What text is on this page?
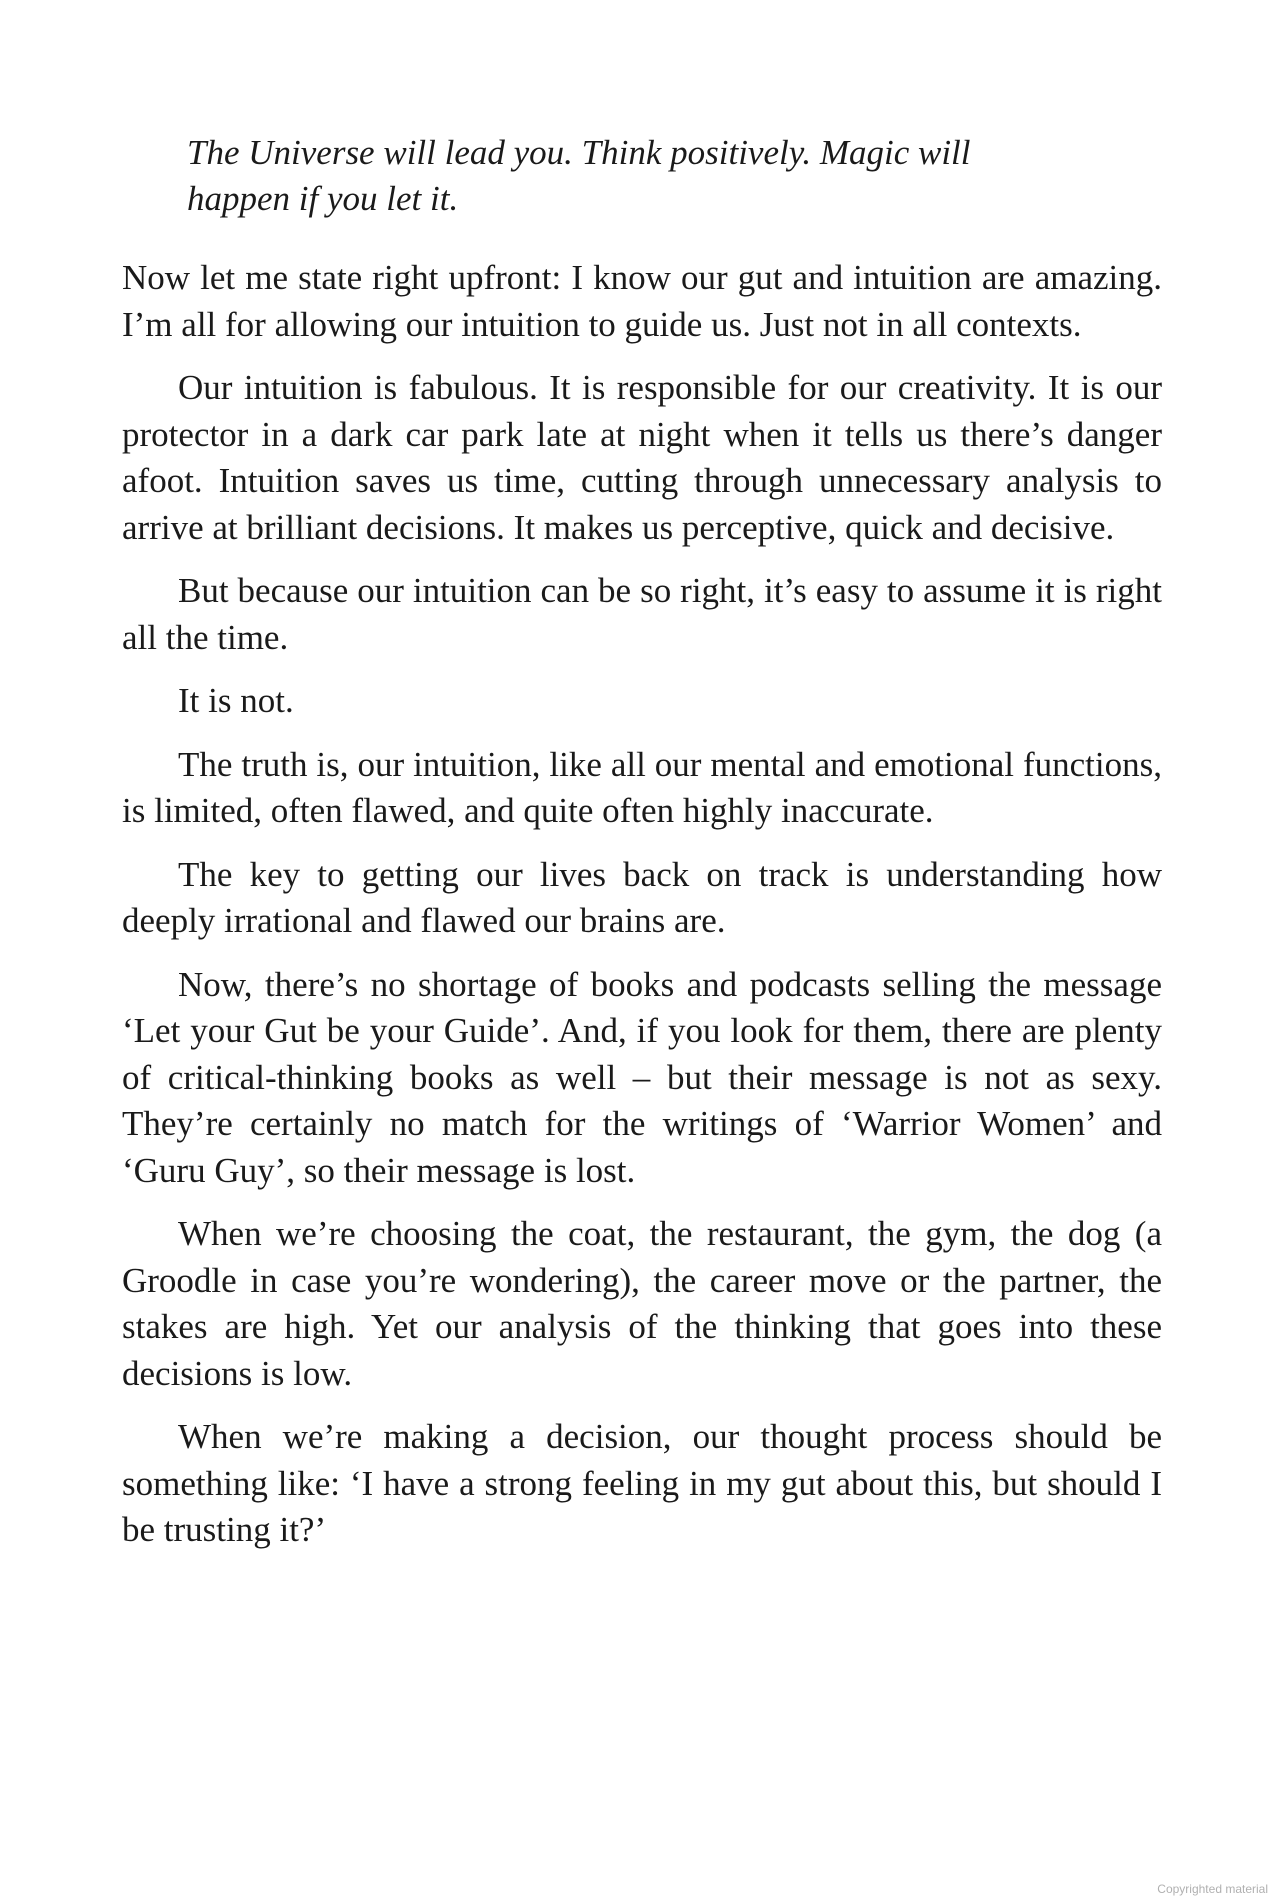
The Universe will lead you. Think positively. Magic will happen if you let it.

Now let me state right upfront: I know our gut and intuition are amazing. I’m all for allowing our intuition to guide us. Just not in all contexts.

Our intuition is fabulous. It is responsible for our creativity. It is our protector in a dark car park late at night when it tells us there’s danger afoot. Intuition saves us time, cutting through unnecessary analysis to arrive at brilliant decisions. It makes us perceptive, quick and decisive.

But because our intuition can be so right, it’s easy to assume it is right all the time.

It is not.

The truth is, our intuition, like all our mental and emotional functions, is limited, often flawed, and quite often highly inaccurate.

The key to getting our lives back on track is understanding how deeply irrational and flawed our brains are.

Now, there’s no shortage of books and podcasts selling the message ‘Let your Gut be your Guide’. And, if you look for them, there are plenty of critical-thinking books as well – but their message is not as sexy. They’re certainly no match for the writings of ‘Warrior Women’ and ‘Guru Guy’, so their message is lost.

When we’re choosing the coat, the restaurant, the gym, the dog (a Groodle in case you’re wondering), the career move or the partner, the stakes are high. Yet our analysis of the thinking that goes into these decisions is low.

When we’re making a decision, our thought process should be something like: ‘I have a strong feeling in my gut about this, but should I be trusting it?’

Copyrighted material
